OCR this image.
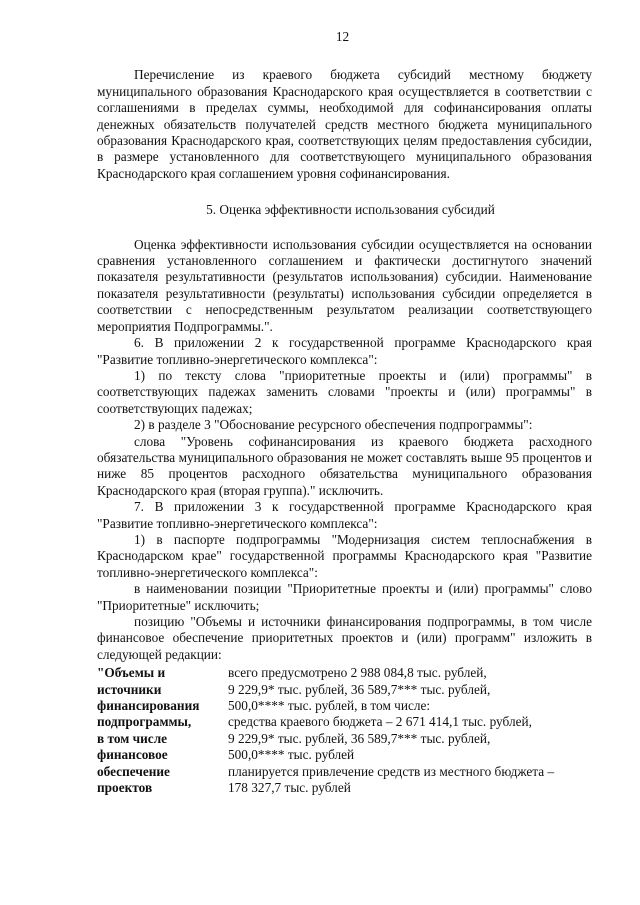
12

Перечисление из краевого бюджета субсидий местному бюджету муниципального образования Краснодарского края осуществляется в соответствии с соглашениями в пределах суммы, необходимой для софинансирования оплаты денежных обязательств получателей средств местного бюджета муниципального образования Краснодарского края, соответствующих целям предоставления субсидии, в размере установленного для соответствующего муниципального образования Краснодарского края соглашением уровня софинансирования.

5. Оценка эффективности использования субсидий

Оценка эффективности использования субсидии осуществляется на основании сравнения установленного соглашением и фактически достигнутого значений показателя результативности (результатов использования) субсидии. Наименование показателя результативности (результаты) использования субсидии определяется в соответствии с непосредственным результатом реализации соответствующего мероприятия Подпрограммы.".

6. В приложении 2 к государственной программе Краснодарского края "Развитие топливно-энергетического комплекса":

1) по тексту слова "приоритетные проекты и (или) программы" в соответствующих падежах заменить словами "проекты и (или) программы" в соответствующих падежах;

2) в разделе 3 "Обоснование ресурсного обеспечения подпрограммы":

слова "Уровень софинансирования из краевого бюджета расходного обязательства муниципального образования не может составлять выше 95 процентов и ниже 85 процентов расходного обязательства муниципального образования Краснодарского края (вторая группа)." исключить.

7. В приложении 3 к государственной программе Краснодарского края "Развитие топливно-энергетического комплекса":

1) в паспорте подпрограммы "Модернизация систем теплоснабжения в Краснодарском крае" государственной программы Краснодарского края "Развитие топливно-энергетического комплекса":

в наименовании позиции "Приоритетные проекты и (или) программы" слово "Приоритетные" исключить;

позицию "Объемы и источники финансирования подпрограммы, в том числе финансовое обеспечение приоритетных проектов и (или) программ" изложить в следующей редакции:

"Объемы и
источники
финансирования
подпрограммы,
в том числе
финансовое
обеспечение
проектов

всего предусмотрено 2 988 084,8 тыс. рублей,
9 229,9* тыс. рублей, 36 589,7*** тыс. рублей,
500,0**** тыс. рублей, в том числе:
средства краевого бюджета – 2 671 414,1 тыс. рублей,
9 229,9* тыс. рублей, 36 589,7*** тыс. рублей,
500,0**** тыс. рублей
планируется привлечение средств из местного бюджета –
178 327,7 тыс. рублей
